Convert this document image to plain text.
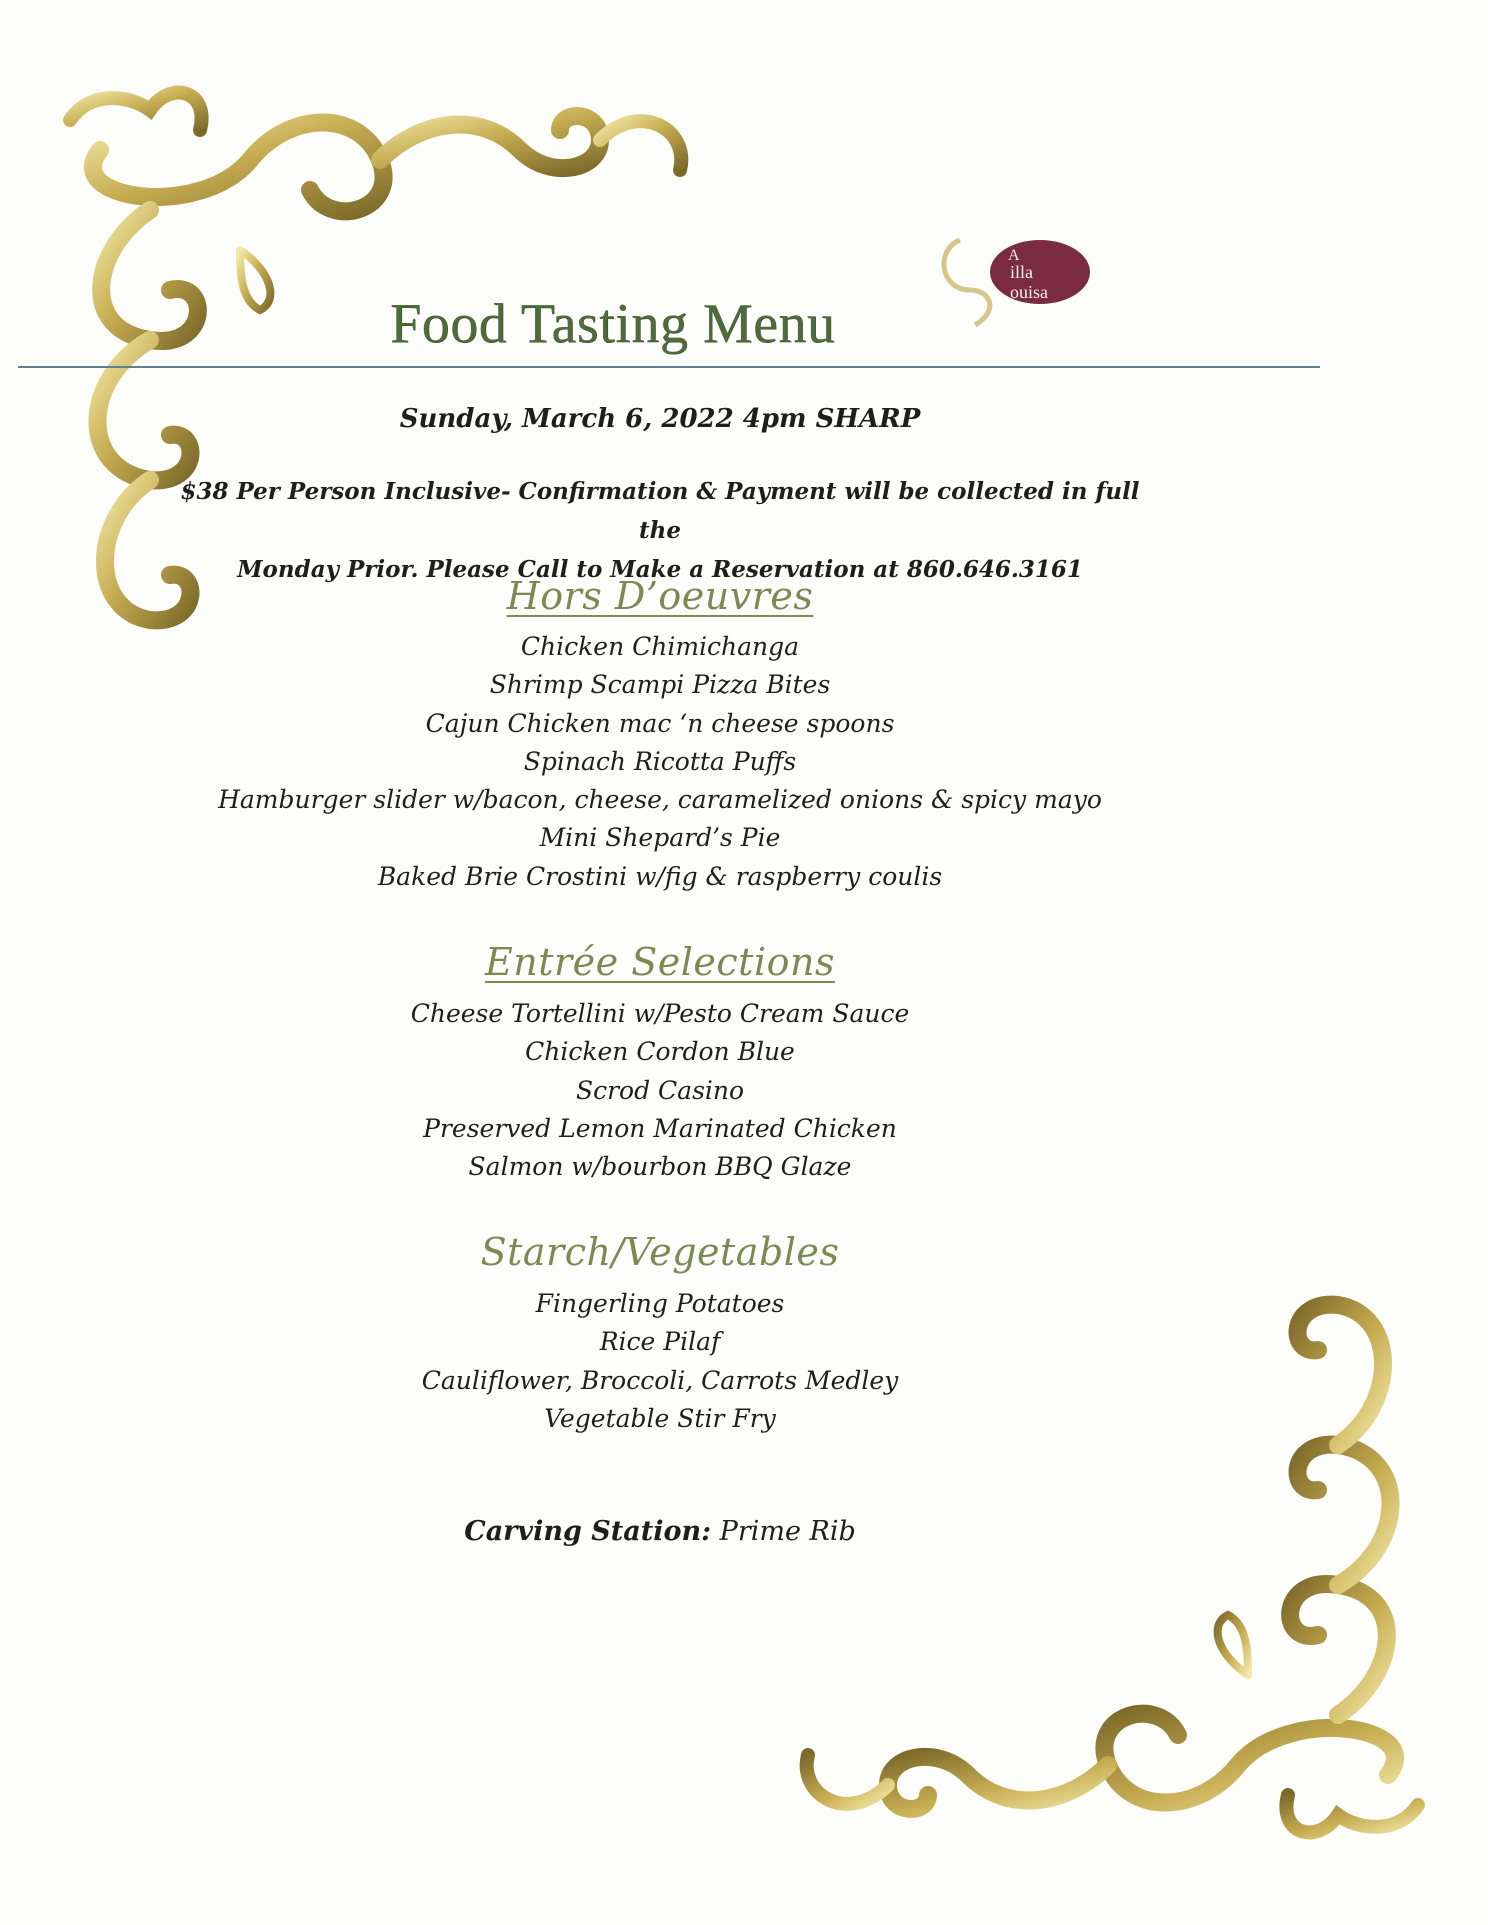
A
illa
ouisa
Food Tasting Menu
Sunday, March 6, 2022 4pm SHARP
$38 Per Person Inclusive- Confirmation & Payment will be collected in full the
Monday Prior. Please Call to Make a Reservation at 860.646.3161
Hors D’oeuvres
Chicken Chimichanga
Shrimp Scampi Pizza Bites
Cajun Chicken mac ‘n cheese spoons
Spinach Ricotta Puffs
Hamburger slider w/bacon, cheese, caramelized onions & spicy mayo
Mini Shepard’s Pie
Baked Brie Crostini w/fig & raspberry coulis
Entrée Selections
Cheese Tortellini w/Pesto Cream Sauce
Chicken Cordon Blue
Scrod Casino
Preserved Lemon Marinated Chicken
Salmon w/bourbon BBQ Glaze
Starch/Vegetables
Fingerling Potatoes
Rice Pilaf
Cauliflower, Broccoli, Carrots Medley
Vegetable Stir Fry
Carving Station: Prime Rib
